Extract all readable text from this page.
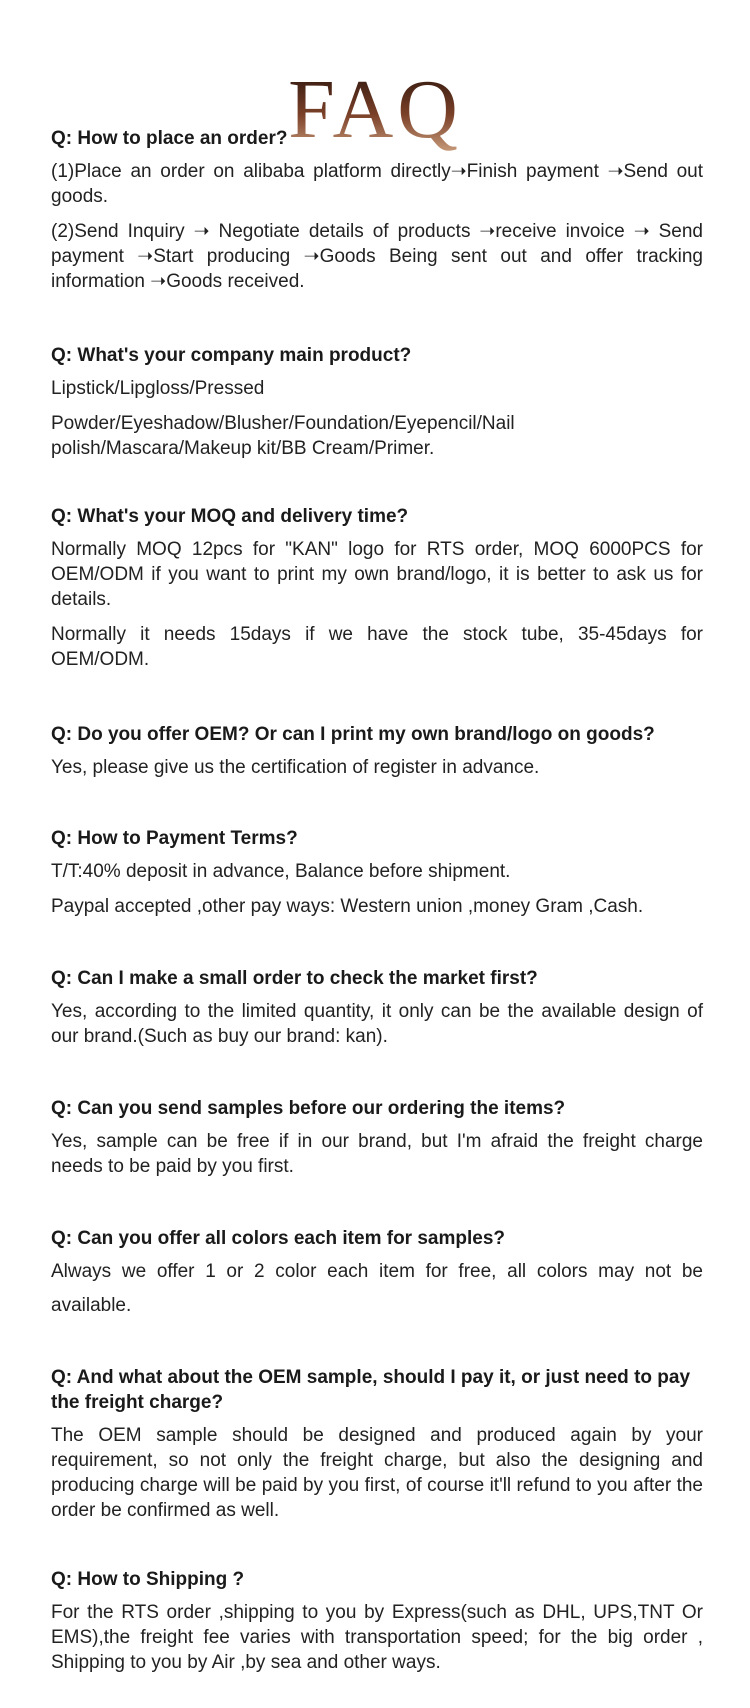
FAQ

Q: How to place an order?

(1)Place an order on alibaba platform directly➝Finish payment ➝Send out goods.

(2)Send Inquiry ➝ Negotiate details of products ➝receive invoice ➝ Send payment ➝Start producing ➝Goods Being sent out and offer tracking information ➝Goods received.

Q: What's your company main product?

Lipstick/Lipgloss/Pressed

Powder/Eyeshadow/Blusher/Foundation/Eyepencil/Nail polish/Mascara/Makeup kit/BB Cream/Primer.

Q: What's your MOQ and delivery time?

Normally MOQ 12pcs for "KAN" logo for RTS order, MOQ 6000PCS for OEM/ODM if you want to print my own brand/logo, it is better to ask us for details.

Normally it needs 15days if we have the stock tube, 35-45days for OEM/ODM.

Q: Do you offer OEM? Or can I print my own brand/logo on goods?

Yes, please give us the certification of register in advance.

Q: How to Payment Terms?

T/T:40% deposit in advance, Balance before shipment.

Paypal accepted ,other pay ways: Western union ,money Gram ,Cash.

Q: Can I make a small order to check the market first?

Yes, according to the limited quantity, it only can be the available design of our brand.(Such as buy our brand: kan).

Q: Can you send samples before our ordering the items?

Yes, sample can be free if in our brand, but I'm afraid the freight charge needs to be paid by you first.

Q: Can you offer all colors each item for samples?

Always we offer 1 or 2 color each item for free, all colors may not be available.

Q: And what about the OEM sample, should I pay it, or just need to pay the freight charge?

The OEM sample should be designed and produced again by your requirement, so not only the freight charge, but also the designing and producing charge will be paid by you first, of course it'll refund to you after the order be confirmed as well.

Q: How to Shipping ?

For the RTS order ,shipping to you by Express(such as DHL, UPS,TNT Or EMS),the freight fee varies with transportation speed; for the big order , Shipping to you by Air ,by sea and other ways.
